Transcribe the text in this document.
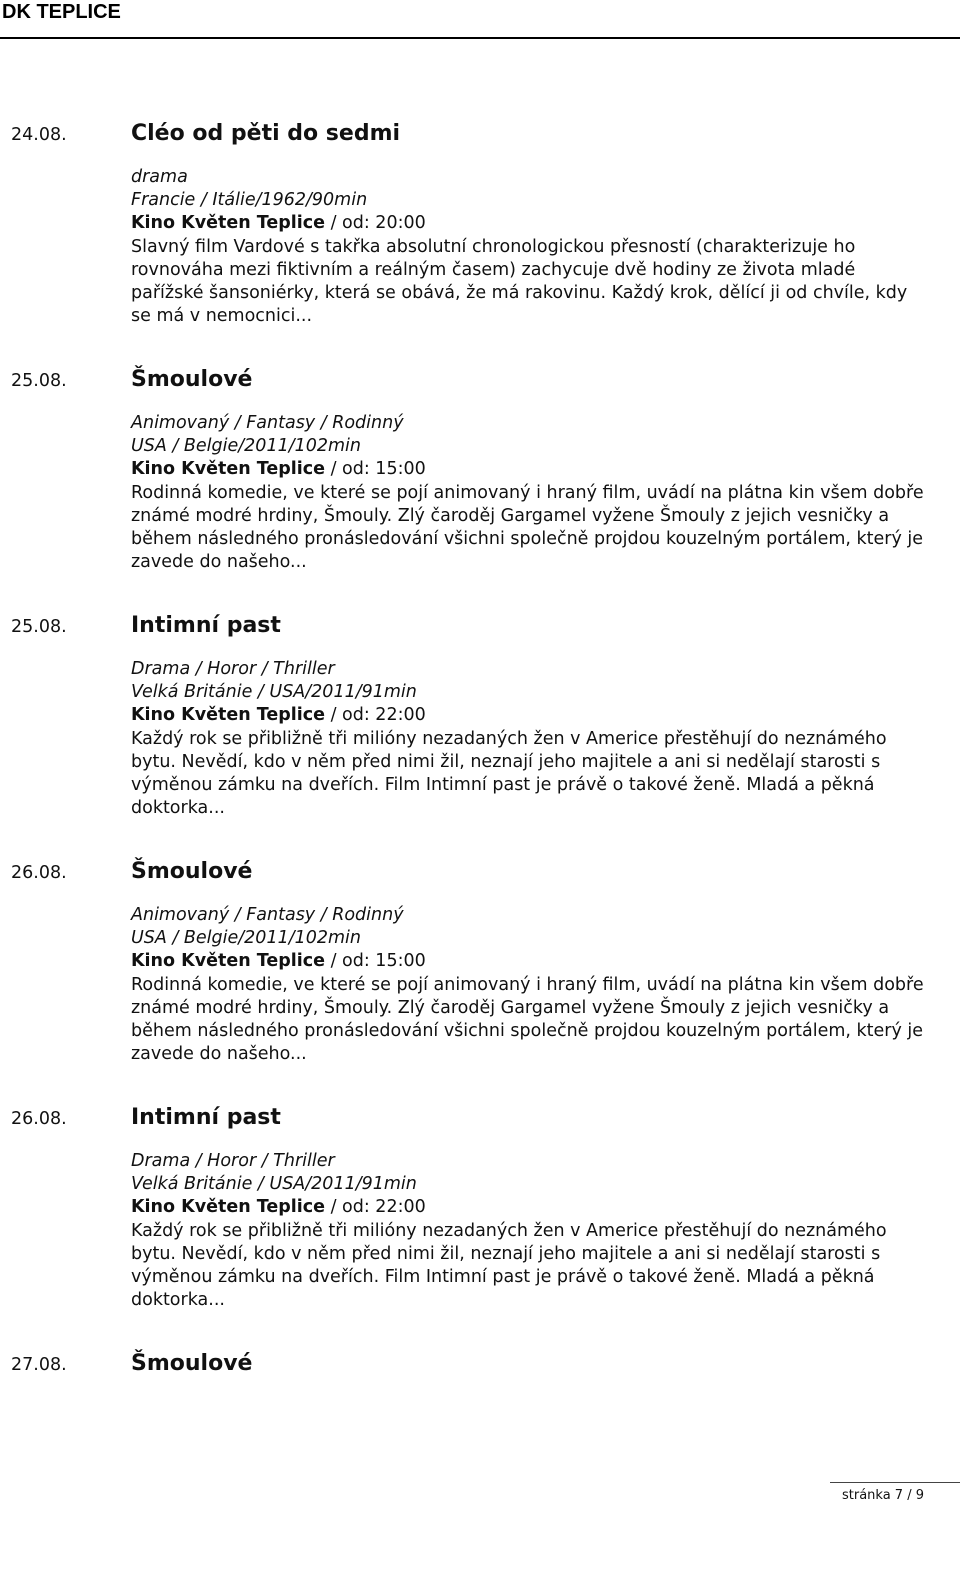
DK TEPLICE
24.08.	Cléo od pěti do sedmi
drama
Francie / Itálie/1962/90min
Kino Květen Teplice / od: 20:00
Slavný film Vardové s takřka absolutní chronologickou přesností (charakterizuje ho rovnováha mezi fiktivním a reálným časem) zachycuje dvě hodiny ze života mladé pařížské šansoniérky, která se obává, že má rakovinu. Každý krok, dělící ji od chvíle, kdy se má v nemocnici...
25.08.	Šmoulové
Animovaný / Fantasy / Rodinný
USA / Belgie/2011/102min
Kino Květen Teplice / od: 15:00
Rodinná komedie, ve které se pojí animovaný i hraný film, uvádí na plátna kin všem dobře známé modré hrdiny, Šmouly. Zlý čaroděj Gargamel vyžene Šmouly z jejich vesničky a během následného pronásledování všichni společně projdou kouzelným portálem, který je zavede do našeho...
25.08.	Intimní past
Drama / Horor / Thriller
Velká Británie / USA/2011/91min
Kino Květen Teplice / od: 22:00
Každý rok se přibližně tři milióny nezadaných žen v Americe přestěhují do neznámého bytu. Nevědí, kdo v něm před nimi žil, neznají jeho majitele a ani si nedělají starosti s výměnou zámku na dveřích. Film Intimní past je právě o takové ženě. Mladá a pěkná doktorka...
26.08.	Šmoulové
Animovaný / Fantasy / Rodinný
USA / Belgie/2011/102min
Kino Květen Teplice / od: 15:00
Rodinná komedie, ve které se pojí animovaný i hraný film, uvádí na plátna kin všem dobře známé modré hrdiny, Šmouly. Zlý čaroděj Gargamel vyžene Šmouly z jejich vesničky a během následného pronásledování všichni společně projdou kouzelným portálem, který je zavede do našeho...
26.08.	Intimní past
Drama / Horor / Thriller
Velká Británie / USA/2011/91min
Kino Květen Teplice / od: 22:00
Každý rok se přibližně tři milióny nezadaných žen v Americe přestěhují do neznámého bytu. Nevědí, kdo v něm před nimi žil, neznají jeho majitele a ani si nedělají starosti s výměnou zámku na dveřích. Film Intimní past je právě o takové ženě. Mladá a pěkná doktorka...
27.08.	Šmoulové
stránka 7 / 9
